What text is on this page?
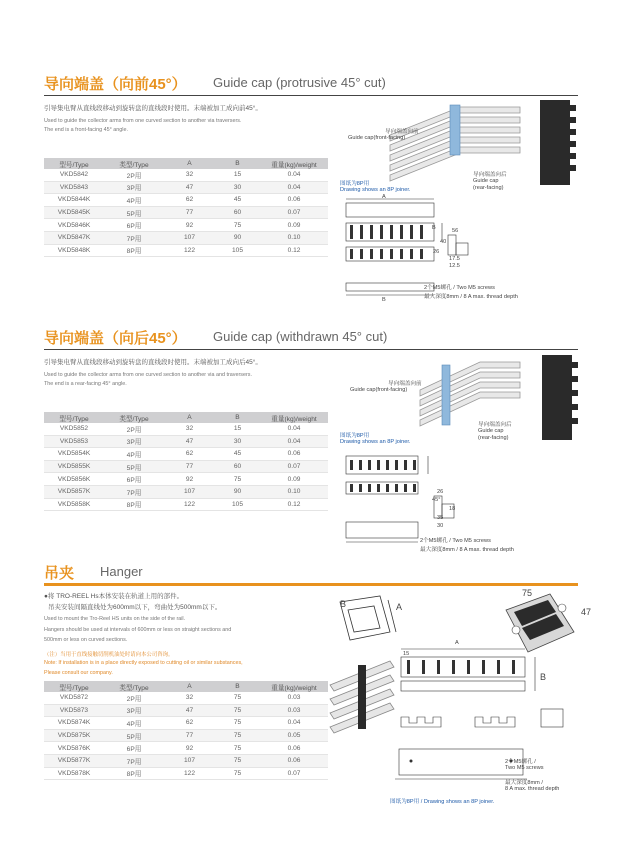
导向端盖（向前45°） Guide cap (protrusive 45° cut)
引导集电臂从直线段移动到旋转盘的直线段时使用。末端被加工成向前45°。
Used to guide the collector arms from one curved section to another via traversers.
The end is a front-facing 45° angle.
型号/Type	类型/Type	A	B	重量(kg)/weight
VKD5842	2P用	32	15	0.04
VKD5843	3P用	47	30	0.04
VKD5844K	4P用	62	45	0.06
VKD5845K	5P用	77	60	0.07
VKD5846K	6P用	92	75	0.09
VKD5847K	7P用	107	90	0.10
VKD5848K	8P用	122	105	0.12
导向端盖向前
Guide cap(front-facing)
导向端盖向后
Guide cap
(rear-facing)
图纸为8P用
Drawing shows an 8P joiner.
A
B	56
40
26
17.5
12.5
B
2个M5螺孔 / Two M5 screws
最大深度8mm / 8 A max. thread depth
导向端盖（向后45°） Guide cap (withdrawn 45° cut)
引导集电臂从直线段移动到旋转盘的直线段时使用。末端被加工成向后45°。
Used to guide the collector arms from one curved section to another via and traversers.
The end is a rear-facing 45° angle.
型号/Type	类型/Type	A	B	重量(kg)/weight
VKD5852	2P用	32	15	0.04
VKD5853	3P用	47	30	0.04
VKD5854K	4P用	62	45	0.06
VKD5855K	5P用	77	60	0.07
VKD5856K	6P用	92	75	0.09
VKD5857K	7P用	107	90	0.10
VKD5858K	8P用	122	105	0.12
导向端盖向前
Guide cap(front-facing)
导向端盖向后
Guide cap
(rear-facing)
图纸为8P用
Drawing shows an 8P joiner.
45°
26
18
35
30
2个M5螺孔 / Two M5 screws
最大深度8mm / 8 A max. thread depth
吊夹 Hanger
●将 TRO-REEL Hs本体安装在轨道上用的部件。
吊夹安装间隔直线处为600mm以下，弯曲处为500mm以下。
Used to mount the Tro-Reel HS units on the side of the rail.
Hangers should be used at intervals of 600mm or less on straight sections and
500mm or less on curved sections.
（注）当用于直线接触切削机油处时请向本公司咨询。
Note: If installation is in a place directly exposed to cutting oil or similar substances,
Please consult our company.
型号/Type	类型/Type	A	B	重量(kg)/weight
VKD5872	2P用	32	75	0.03
VKD5873	3P用	47	75	0.03
VKD5874K	4P用	62	75	0.04
VKD5875K	5P用	77	75	0.05
VKD5876K	6P用	92	75	0.06
VKD5877K	7P用	107	75	0.06
VKD5878K	8P用	122	75	0.07
B	A
75
47
A
15
B
2个M5螺孔 /
Two M5 screws
最大深度8mm /
8 A max. thread depth
图纸为8P用 / Drawing shows an 8P joiner.
